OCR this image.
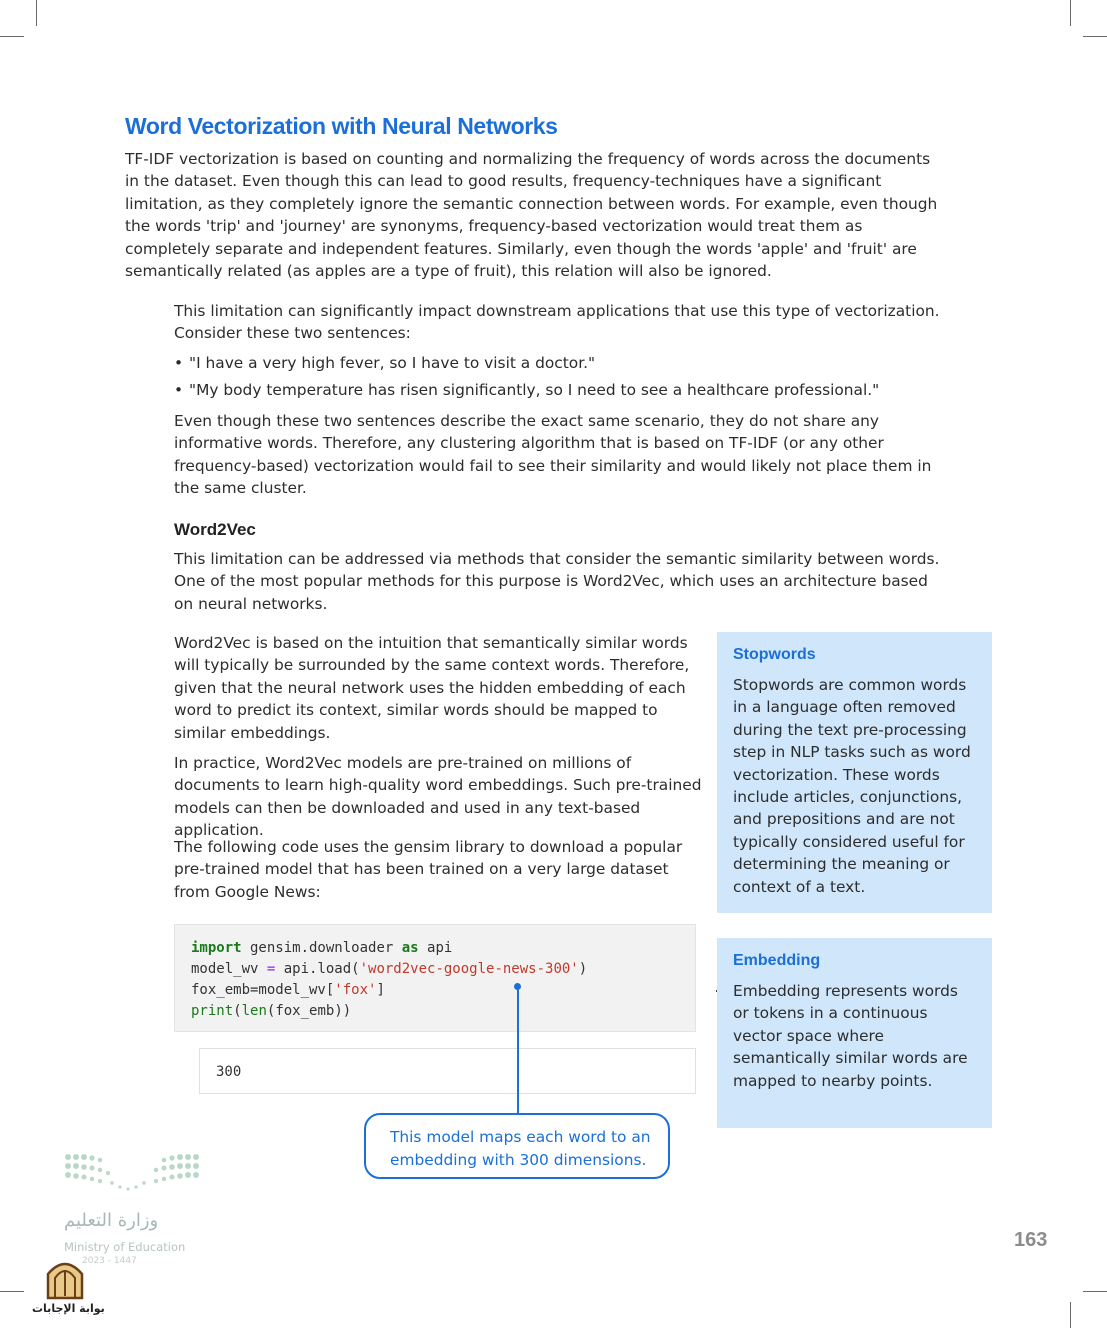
Word Vectorization with Neural Networks

TF-IDF vectorization is based on counting and normalizing the frequency of words across the documents in the dataset. Even though this can lead to good results, frequency-techniques have a significant limitation, as they completely ignore the semantic connection between words. For example, even though the words 'trip' and 'journey' are synonyms, frequency-based vectorization would treat them as completely separate and independent features. Similarly, even though the words 'apple' and 'fruit' are semantically related (as apples are a type of fruit), this relation will also be ignored.

This limitation can significantly impact downstream applications that use this type of vectorization. Consider these two sentences:

• "I have a very high fever, so I have to visit a doctor."
• "My body temperature has risen significantly, so I need to see a healthcare professional."

Even though these two sentences describe the exact same scenario, they do not share any informative words. Therefore, any clustering algorithm that is based on TF-IDF (or any other frequency-based) vectorization would fail to see their similarity and would likely not place them in the same cluster.

Word2Vec

This limitation can be addressed via methods that consider the semantic similarity between words. One of the most popular methods for this purpose is Word2Vec, which uses an architecture based on neural networks.

Word2Vec is based on the intuition that semantically similar words will typically be surrounded by the same context words. Therefore, given that the neural network uses the hidden embedding of each word to predict its context, similar words should be mapped to similar embeddings.

In practice, Word2Vec models are pre-trained on millions of documents to learn high-quality word embeddings. Such pre-trained models can then be downloaded and used in any text-based application.

The following code uses the gensim library to download a popular pre-trained model that has been trained on a very large dataset from Google News:

import gensim.downloader as api

model_wv = api.load('word2vec-google-news-300')

fox_emb=model_wv['fox']

print(len(fox_emb))

300
This model maps each word to an embedding with 300 dimensions.

Stopwords

Stopwords are common words in a language often removed during the text pre-processing step in NLP tasks such as word vectorization. These words include articles, conjunctions, and prepositions and are not typically considered useful for determining the meaning or context of a text.

Embedding

Embedding represents words or tokens in a continuous vector space where semantically similar words are mapped to nearby points.

وزارة التعليم

Ministry of Education

2023 - 1447

بوابة الإجابات

163
